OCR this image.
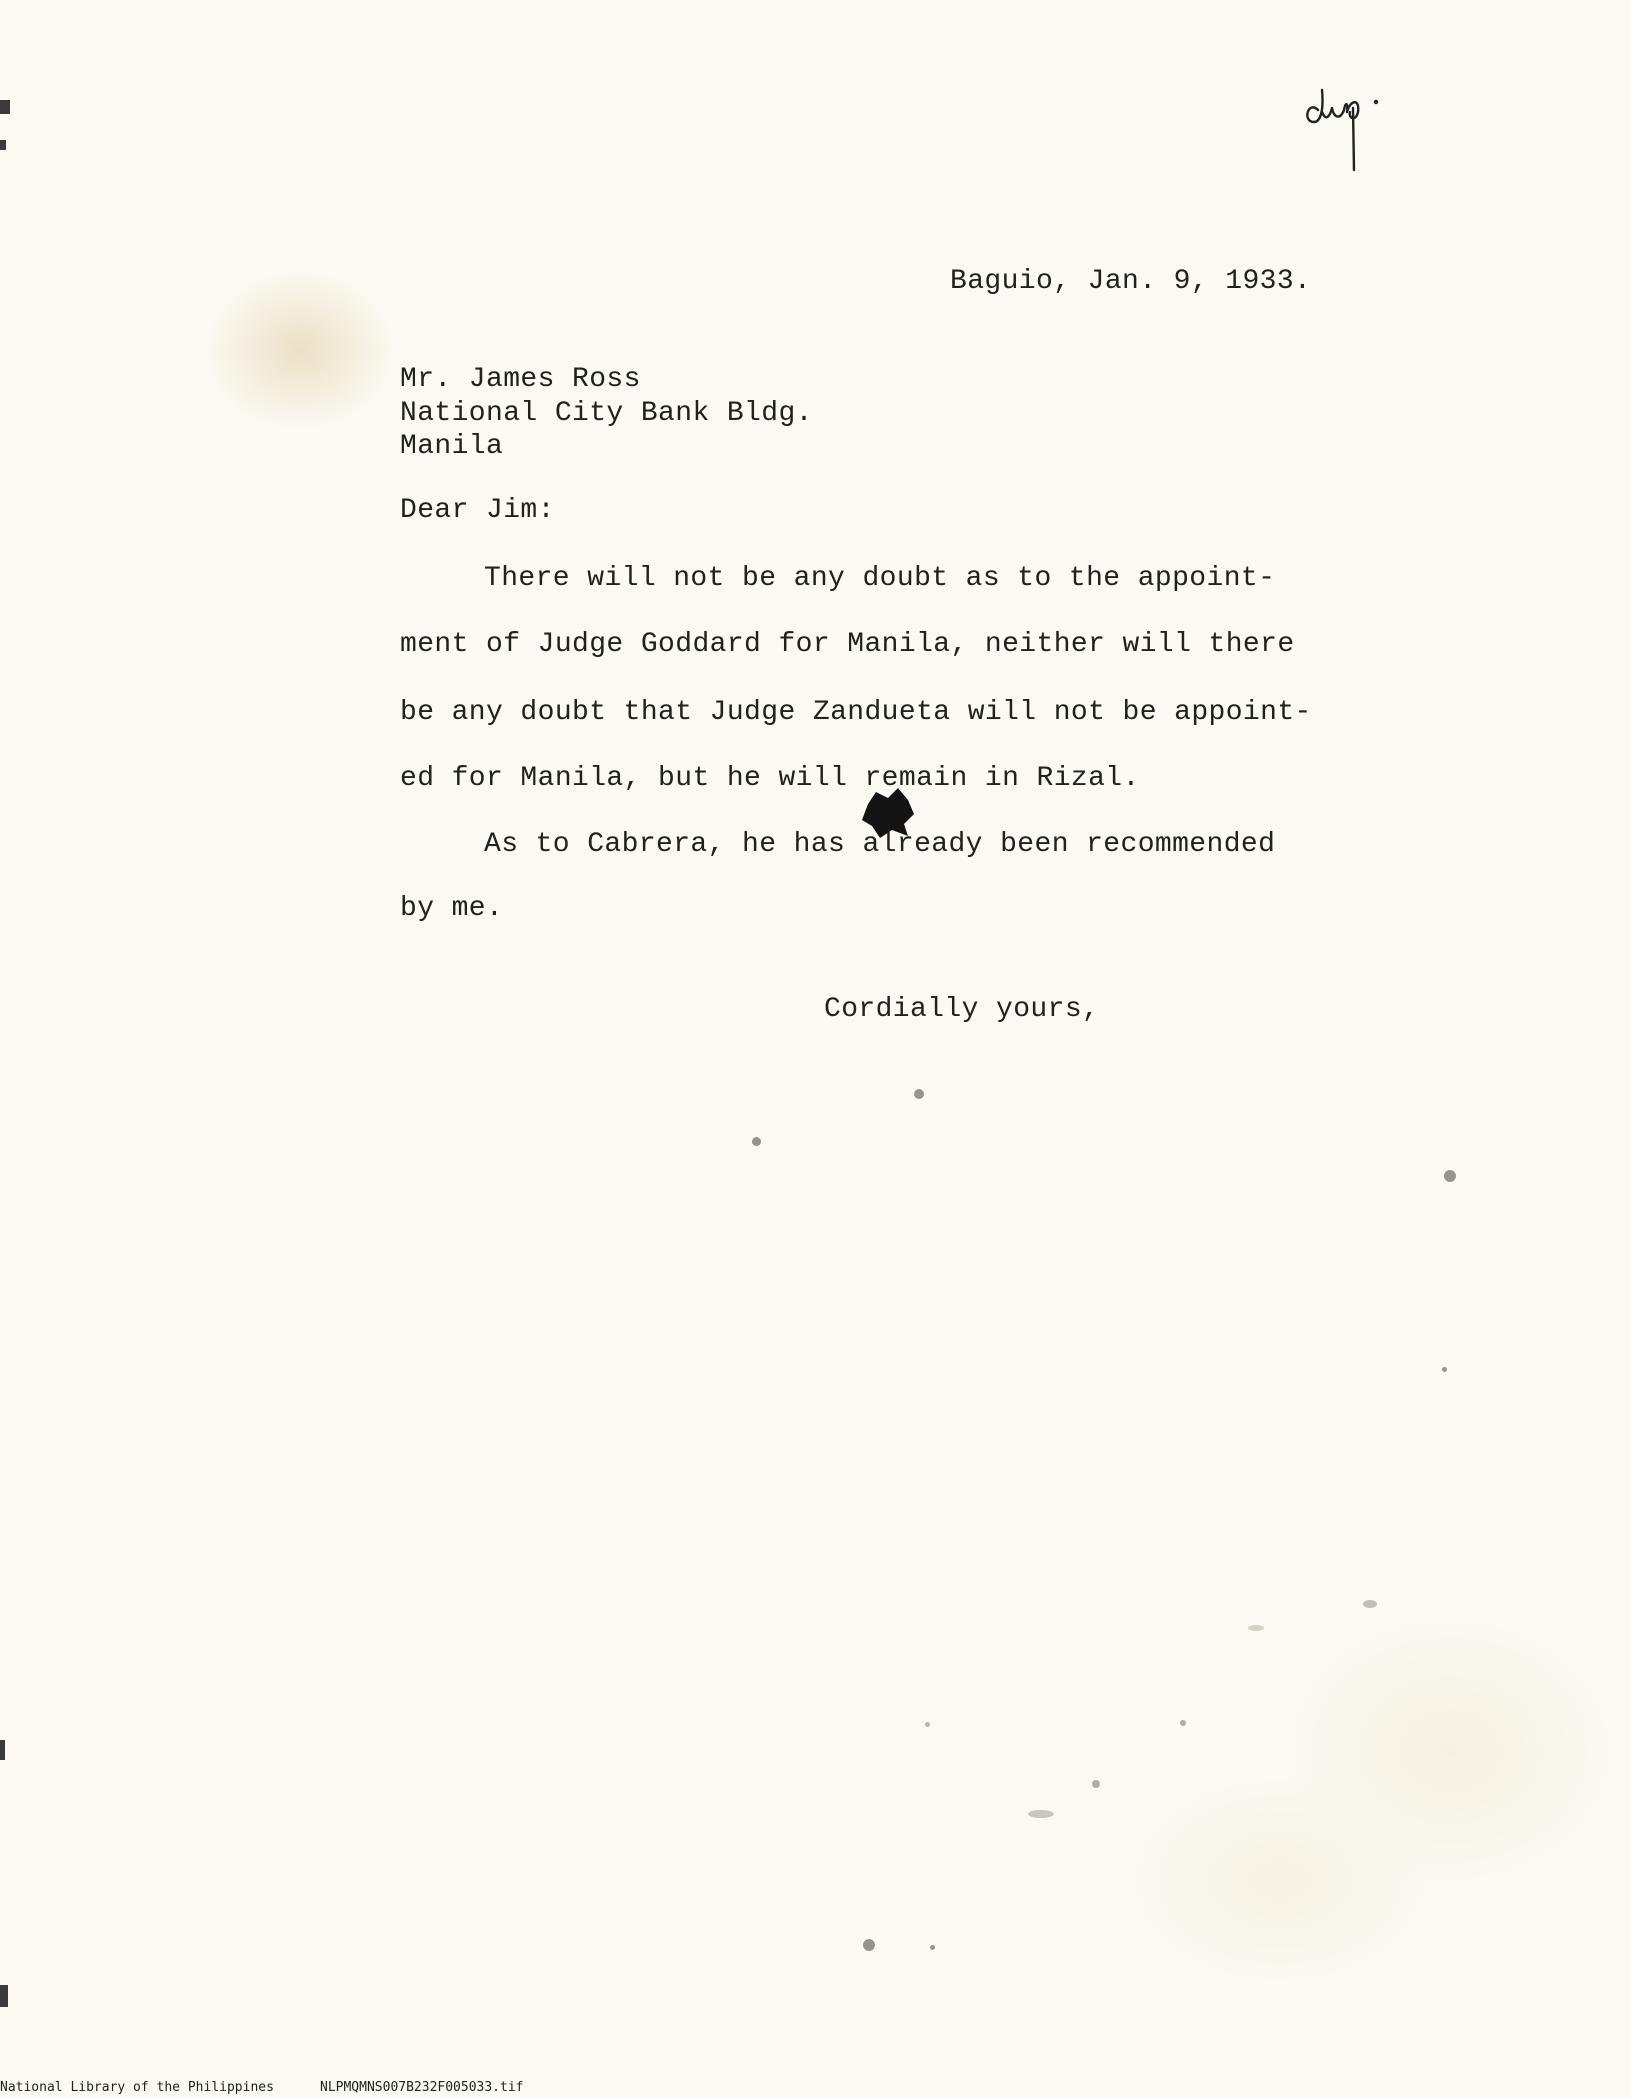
Baguio, Jan. 9, 1933.
Mr. James Ross
National City Bank Bldg.
Manila
Dear Jim:
There will not be any doubt as to the appoint-
ment of Judge Goddard for Manila, neither will there
be any doubt that Judge Zandueta will not be appoint-
ed for Manila, but he will remain in Rizal.
As to Cabrera, he has already been recommended
by me.
Cordially yours,
National Library of the Philippines	NLPMQMNS007B232F005033.tif
